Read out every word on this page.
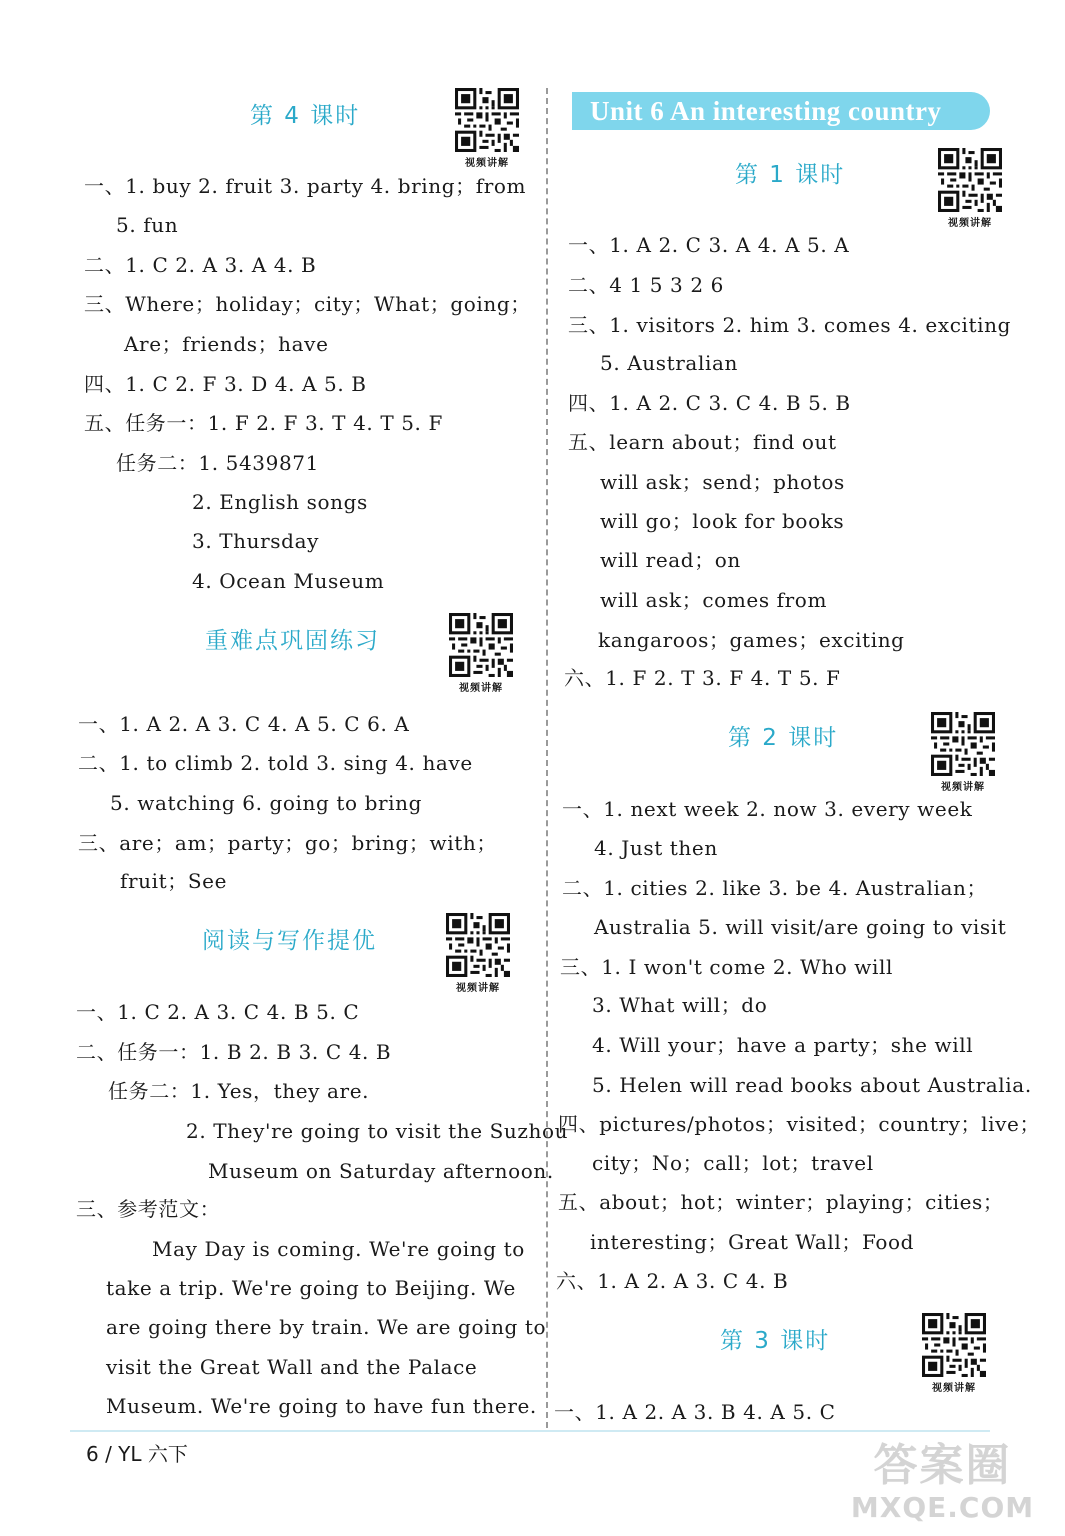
第 4 课时
视频讲解
一、1. buy 2. fruit 3. party 4. bring；from
5. fun
二、1. C 2. A 3. A 4. B
三、Where；holiday；city；What；going；
Are；friends；have
四、1. C 2. F 3. D 4. A 5. B
五、任务一：1. F 2. F 3. T 4. T 5. F
任务二：1. 5439871
2. English songs
3. Thursday
4. Ocean Museum
重难点巩固练习
视频讲解
一、1. A 2. A 3. C 4. A 5. C 6. A
二、1. to climb 2. told 3. sing 4. have
5. watching 6. going to bring
三、are；am；party；go；bring；with；
fruit；See
阅读与写作提优
视频讲解
一、1. C 2. A 3. C 4. B 5. C
二、任务一：1. B 2. B 3. C 4. B
任务二：1. Yes，they are.
2. They're going to visit the Suzhou
Museum on Saturday afternoon.
三、参考范文：
May Day is coming. We're going to
take a trip. We're going to Beijing. We
are going there by train. We are going to
visit the Great Wall and the Palace
Museum. We're going to have fun there.
Unit 6 An interesting country
第 1 课时
视频讲解
一、1. A 2. C 3. A 4. A 5. A
二、4 1 5 3 2 6
三、1. visitors 2. him 3. comes 4. exciting
5. Australian
四、1. A 2. C 3. C 4. B 5. B
五、learn about；find out
will ask；send；photos
will go；look for books
will read；on
will ask；comes from
kangaroos；games；exciting
六、1. F 2. T 3. F 4. T 5. F
第 2 课时
视频讲解
一、1. next week 2. now 3. every week
4. Just then
二、1. cities 2. like 3. be 4. Australian；
Australia 5. will visit/are going to visit
三、1. I won't come 2. Who will
3. What will；do
4. Will your；have a party；she will
5. Helen will read books about Australia.
四、pictures/photos；visited；country；live；
city；No；call；lot；travel
五、about；hot；winter；playing；cities；
interesting；Great Wall；Food
六、1. A 2. A 3. C 4. B
第 3 课时
视频讲解
一、1. A 2. A 3. B 4. A 5. C
6 / YL 六下	答案圈
MXQE.COM
